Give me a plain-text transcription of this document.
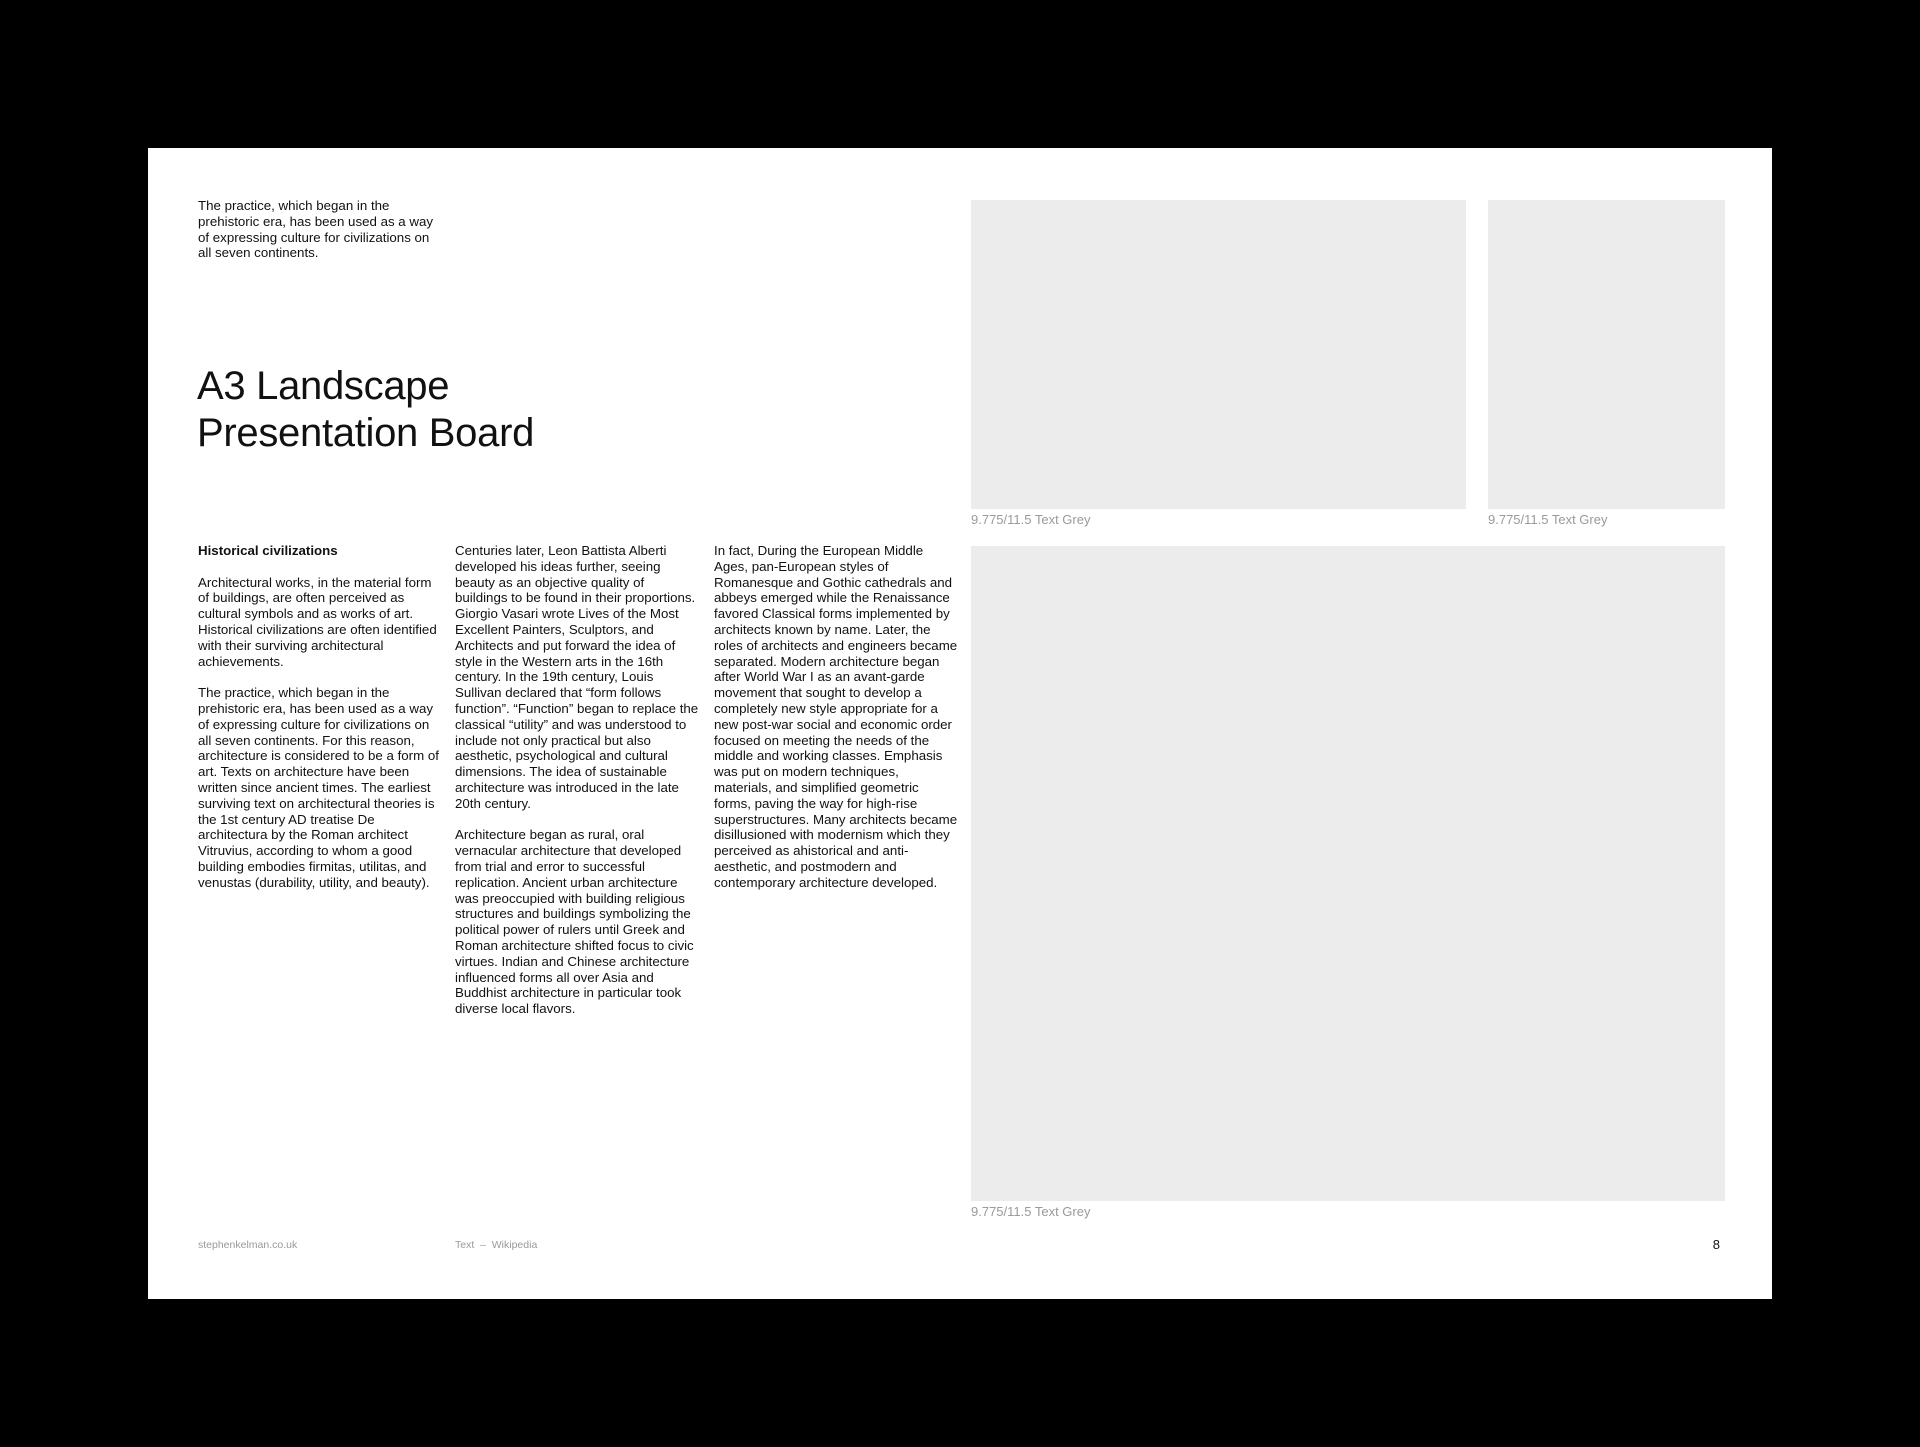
The practice, which began in the prehistoric era, has been used as a way of expressing culture for civilizations on all seven continents.
A3 Landscape
Presentation Board
Historical civilizations

Architectural works, in the material form of buildings, are often perceived as cultural symbols and as works of art. Historical civilizations are often identified with their surviving architectural achievements.

The practice, which began in the prehistoric era, has been used as a way of expressing culture for civilizations on all seven continents. For this reason, architecture is considered to be a form of art. Texts on architecture have been written since ancient times. The earliest surviving text on architectural theories is the 1st century AD treatise De architectura by the Roman architect Vitruvius, according to whom a good building embodies firmitas, utilitas, and venustas (durability, utility, and beauty).

Centuries later, Leon Battista Alberti developed his ideas further, seeing beauty as an objective quality of buildings to be found in their proportions. Giorgio Vasari wrote Lives of the Most Excellent Painters, Sculptors, and Architects and put forward the idea of style in the Western arts in the 16th century. In the 19th century, Louis Sullivan declared that “form follows function”. “Function” began to replace the classical “utility” and was understood to include not only practical but also aesthetic, psychological and cultural dimensions. The idea of sustainable architecture was introduced in the late 20th century.

Architecture began as rural, oral vernacular architecture that developed from trial and error to successful replication. Ancient urban architecture was preoccupied with building religious structures and buildings symbolizing the political power of rulers until Greek and Roman architecture shifted focus to civic virtues. Indian and Chinese architecture influenced forms all over Asia and Buddhist architecture in particular took diverse local flavors.

In fact, During the European Middle Ages, pan-European styles of Romanesque and Gothic cathedrals and abbeys emerged while the Renaissance favored Classical forms implemented by architects known by name. Later, the roles of architects and engineers became separated. Modern architecture began after World War I as an avant-garde movement that sought to develop a completely new style appropriate for a new post-war social and economic order focused on meeting the needs of the middle and working classes. Emphasis was put on modern techniques, materials, and simplified geometric forms, paving the way for high-rise superstructures. Many architects became disillusioned with modernism which they perceived as ahistorical and anti-aesthetic, and postmodern and contemporary architecture developed.

9.775/11.5 Text Grey	9.775/11.5 Text Grey
9.775/11.5 Text Grey
stephenkelman.co.uk	Text  –  Wikipedia	8
